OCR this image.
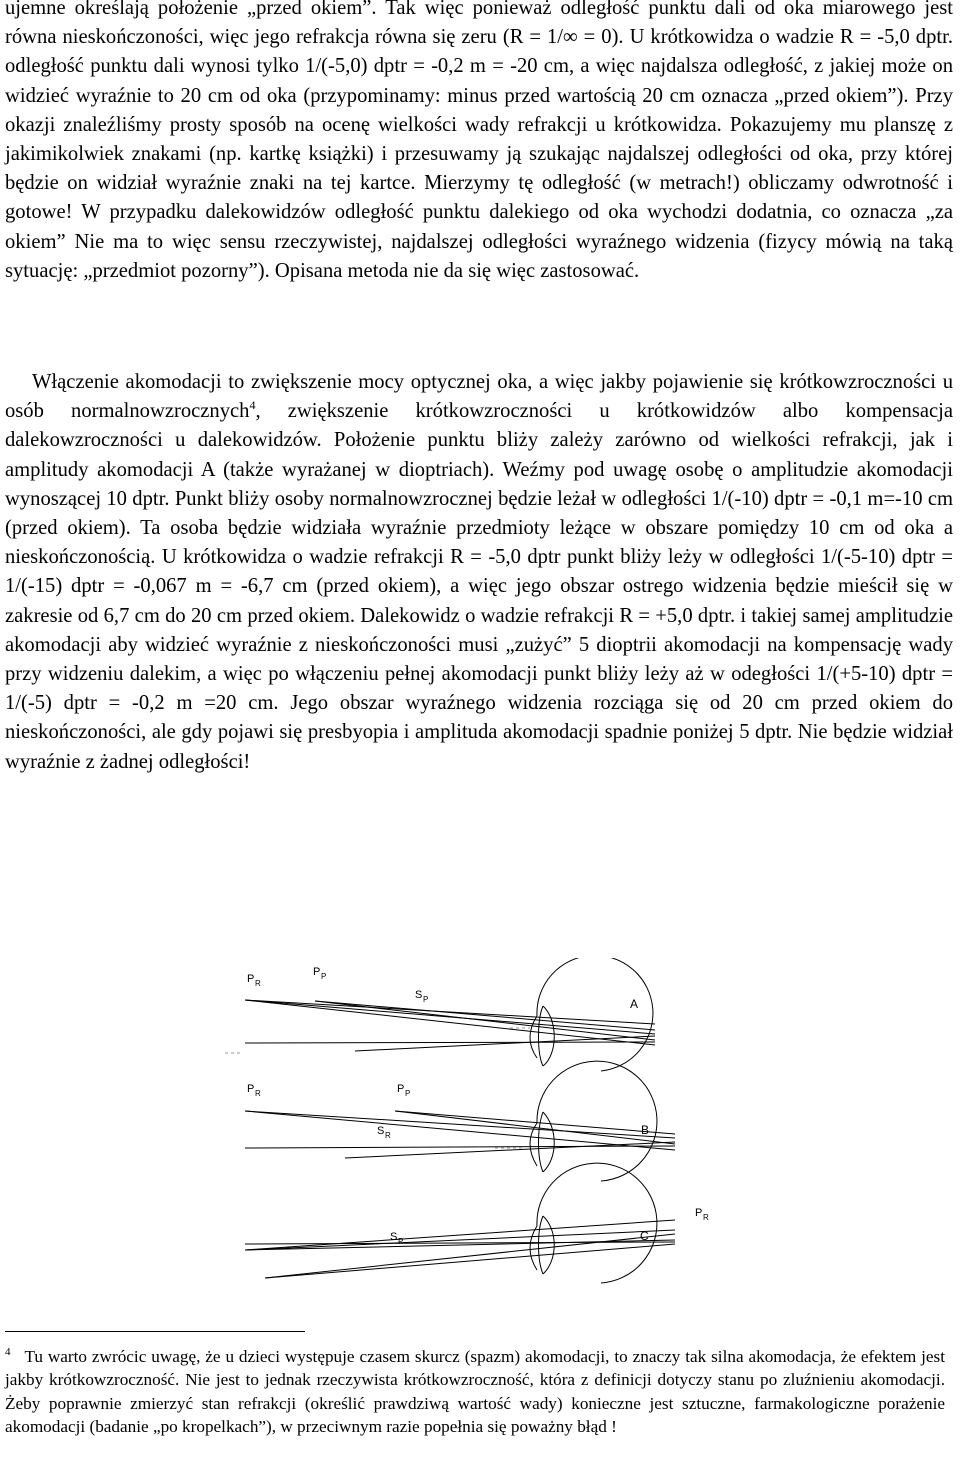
ujemne określają położenie „przed okiem”. Tak więc ponieważ odległość punktu dali od oka miarowego jest równa nieskończoności, więc jego refrakcja równa się zeru (R = 1/∞ = 0). U krótkowidza o wadzie R = -5,0 dptr. odległość punktu dali wynosi tylko 1/(-5,0) dptr = -0,2 m = -20 cm, a więc najdalsza odległość, z jakiej może on widzieć wyraźnie to 20 cm od oka (przypominamy: minus przed wartością 20 cm oznacza „przed okiem”). Przy okazji znaleźliśmy prosty sposób na ocenę wielkości wady refrakcji u krótkowidza. Pokazujemy mu planszę z jakimikolwiek znakami (np. kartkę książki) i przesuwamy ją szukając najdalszej odległości od oka, przy której będzie on widział wyraźnie znaki na tej kartce. Mierzymy tę odległość (w metrach!) obliczamy odwrotność i gotowe! W przypadku dalekowidzów odległość punktu dalekiego od oka wychodzi dodatnia, co oznacza „za okiem” Nie ma to więc sensu rzeczywistej, najdalszej odległości wyraźnego widzenia (fizycy mówią na taką sytuację: „przedmiot pozorny”). Opisana metoda nie da się więc zastosować.

Włączenie akomodacji to zwiększenie mocy optycznej oka, a więc jakby pojawienie się krótkowzroczności u osób normalnowzrocznych$^4$, zwiększenie krótkowzroczności u krótkowidzów albo kompensacja dalekowzroczności u dalekowidzów. Położenie punktu bliży zależy zarówno od wielkości refrakcji, jak i amplitudy akomodacji A (także wyrażanej w dioptriach). Weźmy pod uwagę osobę o amplitudzie akomodacji wynoszącej 10 dptr. Punkt bliży osoby normalnowzrocznej będzie leżał w odległości 1/(-10) dptr = -0,1 m=-10 cm (przed okiem). Ta osoba będzie widziała wyraźnie przedmioty leżące w obszare pomiędzy 10 cm od oka a nieskończonością. U krótkowidza o wadzie refrakcji R = -5,0 dptr punkt bliży leży w odległości 1/(-5-10) dptr = 1/(-15) dptr = -0,067 m = -6,7 cm (przed okiem), a więc jego obszar ostrego widzenia będzie mieścił się w zakresie od 6,7 cm do 20 cm przed okiem. Dalekowidz o wadzie refrakcji R = +5,0 dptr. i takiej samej amplitudzie akomodacji aby widzieć wyraźnie z nieskończoności musi „zużyć” 5 dioptrii akomodacji na kompensację wady przy widzeniu dalekim, a więc po włączeniu pełnej akomodacji punkt bliży leży aż w odegłości 1/(+5-10) dptr = 1/(-5) dptr = -0,2 m =20 cm. Jego obszar wyraźnego widzenia rozciąga się od 20 cm przed okiem do nieskończoności, ale gdy pojawi się presbyopia i amplituda akomodacji spadnie poniżej 5 dptr. Nie będzie widział wyraźnie z żadnej odległości!

P R
P P
S P	A
P R	P P
S R	B
S P
P R
C

$^4$ Tu warto zwrócic uwagę, że u dzieci występuje czasem skurcz (spazm) akomodacji, to znaczy tak silna akomodacja, że efektem jest jakby krótkowzroczność. Nie jest to jednak rzeczywista krótkowzroczność, która z definicji dotyczy stanu po zluźnieniu akomodacji. Żeby poprawnie zmierzyć stan refrakcji (określić prawdziwą wartość wady) konieczne jest sztuczne, farmakologiczne porażenie akomodacji (badanie „po kropelkach”), w przeciwnym razie popełnia się poważny błąd !
